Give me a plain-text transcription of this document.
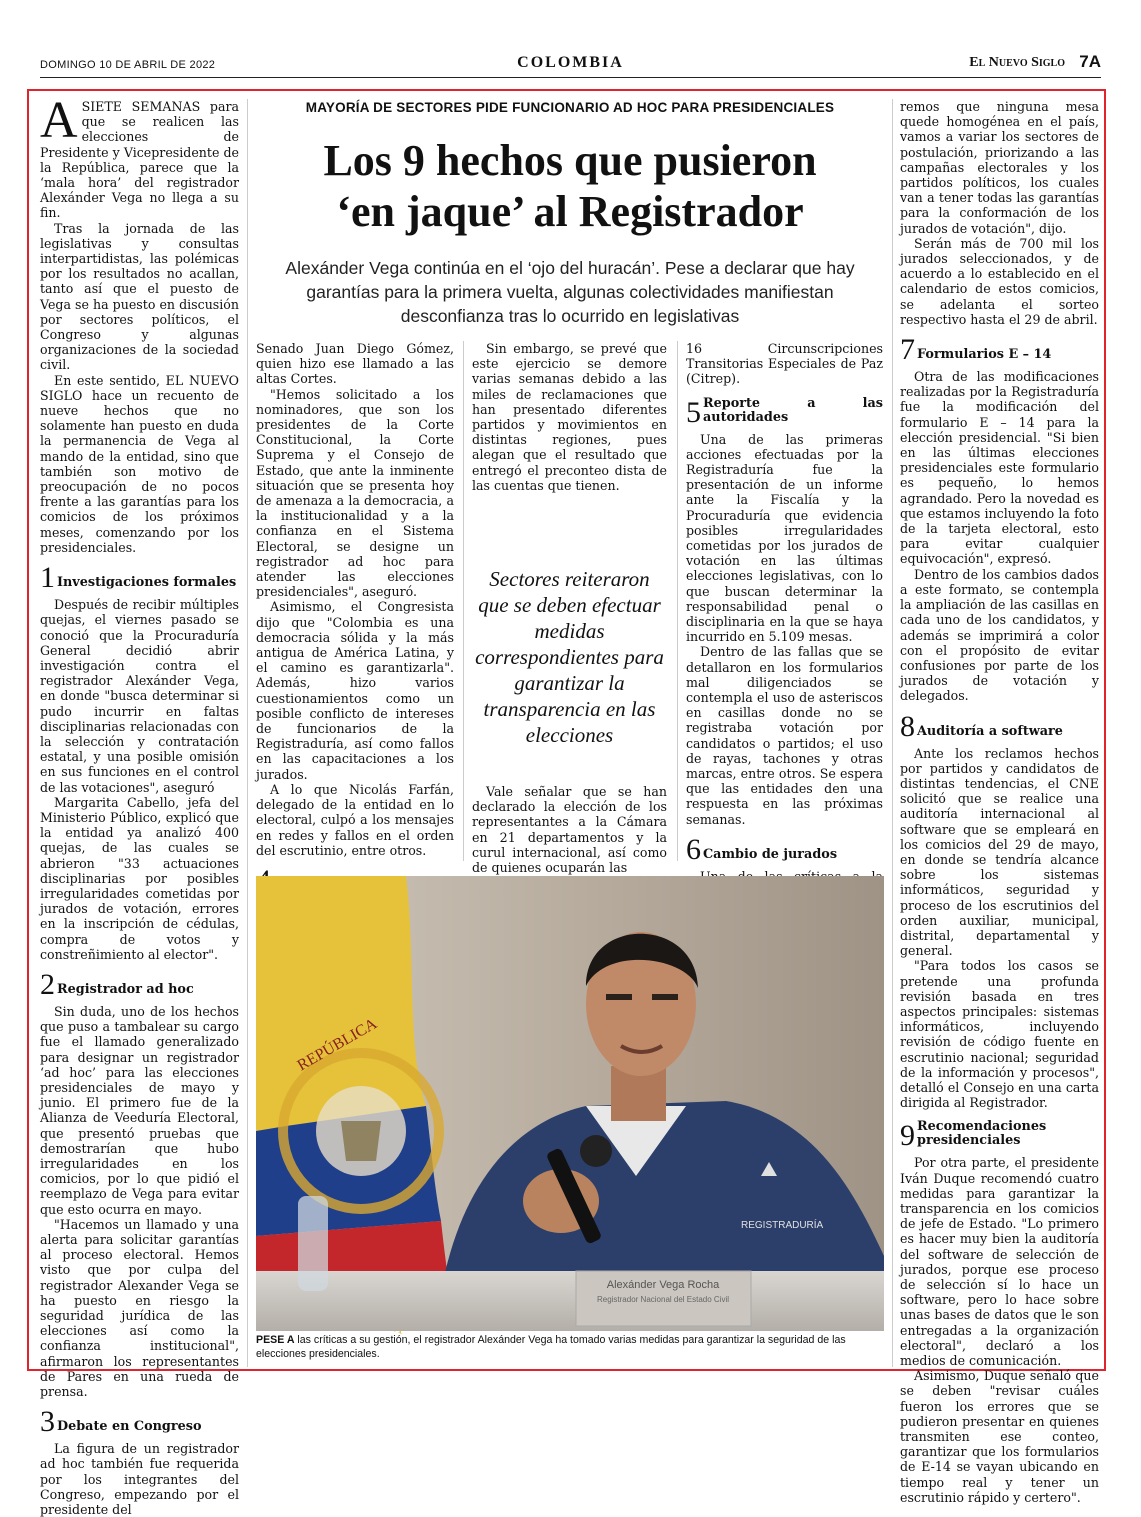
DOMINGO 10 DE ABRIL DE 2022	COLOMBIA	El Nuevo Siglo 7A

ASIETE SEMANAS para que se realicen las elecciones de Presidente y Vicepresidente de la República, parece que la ‘mala hora’ del registrador Alexánder Vega no llega a su fin.

Tras la jornada de las legislativas y consultas interpartidistas, las polémicas por los resultados no acallan, tanto así que el puesto de Vega se ha puesto en discusión por sectores políticos, el Congreso y algunas organizaciones de la sociedad civil.

En este sentido, EL NUEVO SIGLO hace un recuento de nueve hechos que no solamente han puesto en duda la permanencia de Vega al mando de la entidad, sino que también son motivo de preocupación de no pocos frente a las garantías para los comicios de los próximos meses, comenzando por los presidenciales.

1 Investigaciones formales

Después de recibir múltiples quejas, el viernes pasado se conoció que la Procuraduría General decidió abrir investigación contra el registrador Alexánder Vega, en donde "busca determinar si pudo incurrir en faltas disciplinarias relacionadas con la selección y contratación estatal, y una posible omisión en sus funciones en el control de las votaciones", aseguró

Margarita Cabello, jefa del Ministerio Público, explicó que la entidad ya analizó 400 quejas, de las cuales se abrieron "33 actuaciones disciplinarias por posibles irregularidades cometidas por jurados de votación, errores en la inscripción de cédulas, compra de votos y constreñimiento al elector".

2 Registrador ad hoc

Sin duda, uno de los hechos que puso a tambalear su cargo fue el llamado generalizado para designar un registrador ‘ad hoc’ para las elecciones presidenciales de mayo y junio. El primero fue de la Alianza de Veeduría Electoral, que presentó pruebas que demostrarían que hubo irregularidades en los comicios, por lo que pidió el reemplazo de Vega para evitar que esto ocurra en mayo.

"Hacemos un llamado y una alerta para solicitar garantías al proceso electoral. Hemos visto que por culpa del registrador Alexander Vega se ha puesto en riesgo la seguridad jurídica de las elecciones así como la confianza institucional", afirmaron los representantes de Pares en una rueda de prensa.

3 Debate en Congreso

La figura de un registrador ad hoc también fue requerida por los integrantes del Congreso, empezando por el presidente del

MAYORÍA DE SECTORES PIDE FUNCIONARIO AD HOC PARA PRESIDENCIALES
Los 9 hechos que pusieron
‘en jaque’ al Registrador
Alexánder Vega continúa en el ‘ojo del huracán’. Pese a declarar que hay garantías para la primera vuelta, algunas colectividades manifiestan desconfianza tras lo ocurrido en legislativas

Senado Juan Diego Gómez, quien hizo ese llamado a las altas Cortes.

"Hemos solicitado a los nominadores, que son los presidentes de la Corte Constitucional, la Corte Suprema y el Consejo de Estado, que ante la inminente situación que se presenta hoy de amenaza a la democracia, a la institucionalidad y a la confianza en el Sistema Electoral, se designe un registrador ad hoc para atender las elecciones presidenciales", aseguró.

Asimismo, el Congresista dijo que "Colombia es una democracia sólida y la más antigua de América Latina, y el camino es garantizarla". Además, hizo varios cuestionamientos como un posible conflicto de intereses de funcionarios de la Registraduría, así como fallos en las capacitaciones a los jurados.

A lo que Nicolás Farfán, delegado de la entidad en lo electoral, culpó a los mensajes en redes y fallos en el orden del escrutinio, entre otros.

Sin embargo, se prevé que este ejercicio se demore varias semanas debido a las miles de reclamaciones que han presentado diferentes partidos y movimientos en distintas regiones, pues alegan que el resultado que entregó el preconteo dista de las cuentas que tienen.

Sectores reiteraron que se deben efectuar medidas correspondientes para garantizar la transparencia en las elecciones

Vale señalar que se han declarado la elección de los representantes a la Cámara en 21 departamentos y la curul internacional, así como de quienes ocuparán las

16 Circunscripciones Transitorias Especiales de Paz (Citrep).

5 Reporte a las autoridades

Una de las primeras acciones efectuadas por la Registraduría fue la presentación de un informe ante la Fiscalía y la Procuraduría que evidencia posibles irregularidades cometidas por los jurados de votación en las últimas elecciones legislativas, con lo que buscan determinar la responsabilidad penal o disciplinaria en la que se haya incurrido en 5.109 mesas.

Dentro de las fallas que se detallaron en los formularios mal diligenciados se contempla el uso de asteriscos en casillas donde no se registraba votación por candidatos o partidos; el uso de rayas, tachones y otras marcas, entre otros. Se espera que las entidades den una respuesta en las próximas semanas.

6 Cambio de jurados

remos que ninguna mesa quede homogénea en el país, vamos a variar los sectores de postulación, priorizando a las campañas electorales y los partidos políticos, los cuales van a tener todas las garantías para la conformación de los jurados de votación", dijo.

Serán más de 700 mil los jurados seleccionados, y de acuerdo a lo establecido en el calendario de estos comicios, se adelanta el sorteo respectivo hasta el 29 de abril.

7 Formularios E – 14

Otra de las modificaciones realizadas por la Registraduría fue la modificación del formulario E – 14 para la elección presidencial. "Si bien en las últimas elecciones presidenciales este formulario es pequeño, lo hemos agrandado. Pero la novedad es que estamos incluyendo la foto de la tarjeta electoral, esto para evitar cualquier equivocación", expresó.

Dentro de los cambios dados a este formato, se contempla la ampliación de las casillas en cada uno de los candidatos, y además se imprimirá a color con el propósito de evitar confusiones por parte de los jurados de votación y delegados.

8 Auditoría a software

Ante los reclamos hechos por partidos y candidatos de distintas tendencias, el CNE solicitó que se realice una auditoría internacional al software que se empleará en los comicios del 29 de mayo, en donde se tendría alcance sobre los sistemas informáticos, seguridad y proceso de los escrutinios del orden auxiliar, municipal, distrital, departamental y general.

"Para todos los casos se pretende una profunda revisión basada en tres aspectos principales: sistemas informáticos, incluyendo revisión de código fuente en escrutinio nacional; seguridad de la información y procesos", detalló el Consejo en una carta dirigida al Registrador.

9 Recomendaciones presidenciales

Por otra parte, el presidente Iván Duque recomendó cuatro medidas para garantizar la transparencia en los comicios de jefe de Estado. "Lo primero es hacer muy bien la auditoría del software de selección de jurados, porque ese proceso de selección sí lo hace un software, pero lo hace sobre unas bases de datos que le son entregadas a la organización electoral", declaró a los medios de comunicación.

Asimismo, Duque señaló que se deben "revisar cuáles fueron los errores que se pudieron presentar en quienes transmiten ese conteo, garantizar que los formularios de E-14 se vayan ubicando en tiempo real y tener un escrutinio rápido y certero".

REPÚBLICA
REGISTRADURÍA
Alexánder Vega Rocha
Registrador Nacional del Estado Civil
PESE A las críticas a su gestión, el registrador Alexánder Vega ha tomado varias medidas para garantizar la seguridad de las elecciones presidenciales.
